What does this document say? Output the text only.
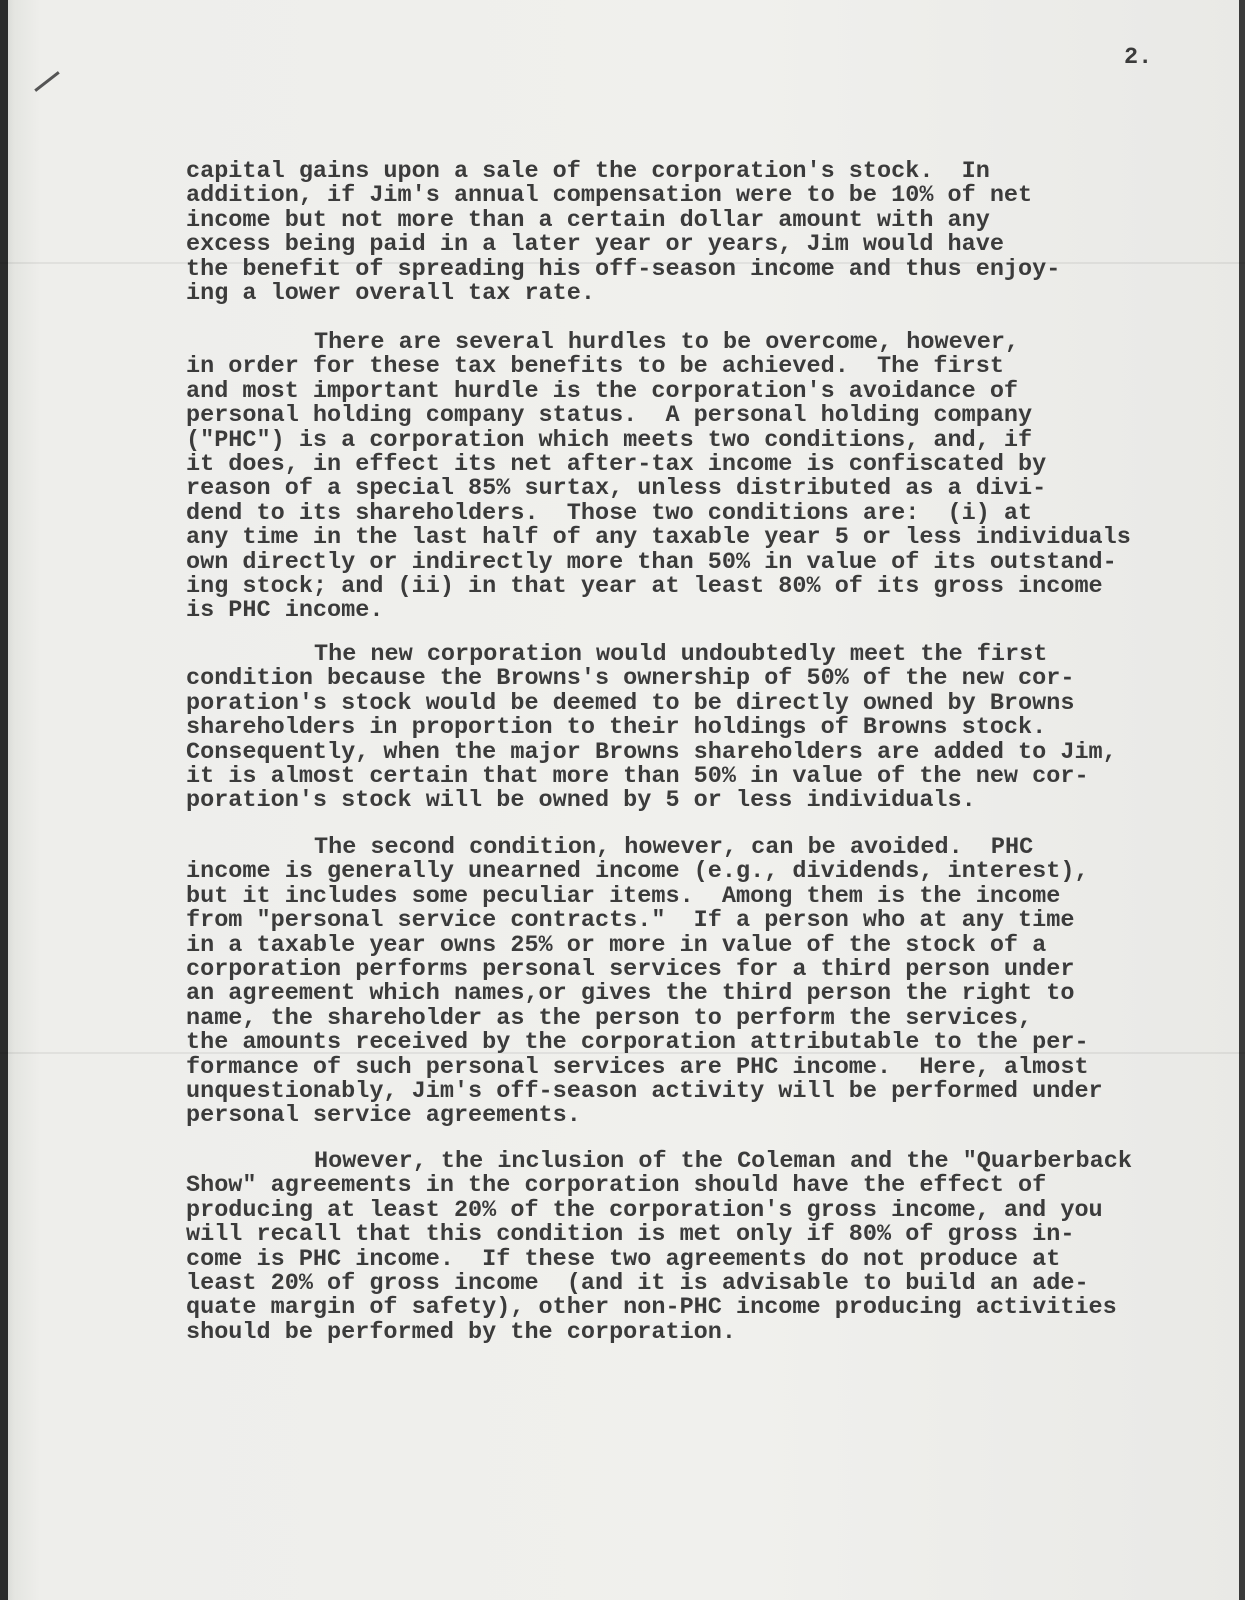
2.
capital gains upon a sale of the corporation's stock.  In
addition, if Jim's annual compensation were to be 10% of net
income but not more than a certain dollar amount with any
excess being paid in a later year or years, Jim would have
the benefit of spreading his off-season income and thus enjoy-
ing a lower overall tax rate.
There are several hurdles to be overcome, however,
in order for these tax benefits to be achieved.  The first
and most important hurdle is the corporation's avoidance of
personal holding company status.  A personal holding company
("PHC") is a corporation which meets two conditions, and, if
it does, in effect its net after-tax income is confiscated by
reason of a special 85% surtax, unless distributed as a divi-
dend to its shareholders.  Those two conditions are:  (i) at
any time in the last half of any taxable year 5 or less individuals
own directly or indirectly more than 50% in value of its outstand-
ing stock; and (ii) in that year at least 80% of its gross income
is PHC income.
The new corporation would undoubtedly meet the first
condition because the Browns's ownership of 50% of the new cor-
poration's stock would be deemed to be directly owned by Browns
shareholders in proportion to their holdings of Browns stock.
Consequently, when the major Browns shareholders are added to Jim,
it is almost certain that more than 50% in value of the new cor-
poration's stock will be owned by 5 or less individuals.
The second condition, however, can be avoided.  PHC
income is generally unearned income (e.g., dividends, interest),
but it includes some peculiar items.  Among them is the income
from "personal service contracts."  If a person who at any time
in a taxable year owns 25% or more in value of the stock of a
corporation performs personal services for a third person under
an agreement which names,or gives the third person the right to
name, the shareholder as the person to perform the services,
the amounts received by the corporation attributable to the per-
formance of such personal services are PHC income.  Here, almost
unquestionably, Jim's off-season activity will be performed under
personal service agreements.
However, the inclusion of the Coleman and the "Quarberback
Show" agreements in the corporation should have the effect of
producing at least 20% of the corporation's gross income, and you
will recall that this condition is met only if 80% of gross in-
come is PHC income.  If these two agreements do not produce at
least 20% of gross income  (and it is advisable to build an ade-
quate margin of safety), other non-PHC income producing activities
should be performed by the corporation.
